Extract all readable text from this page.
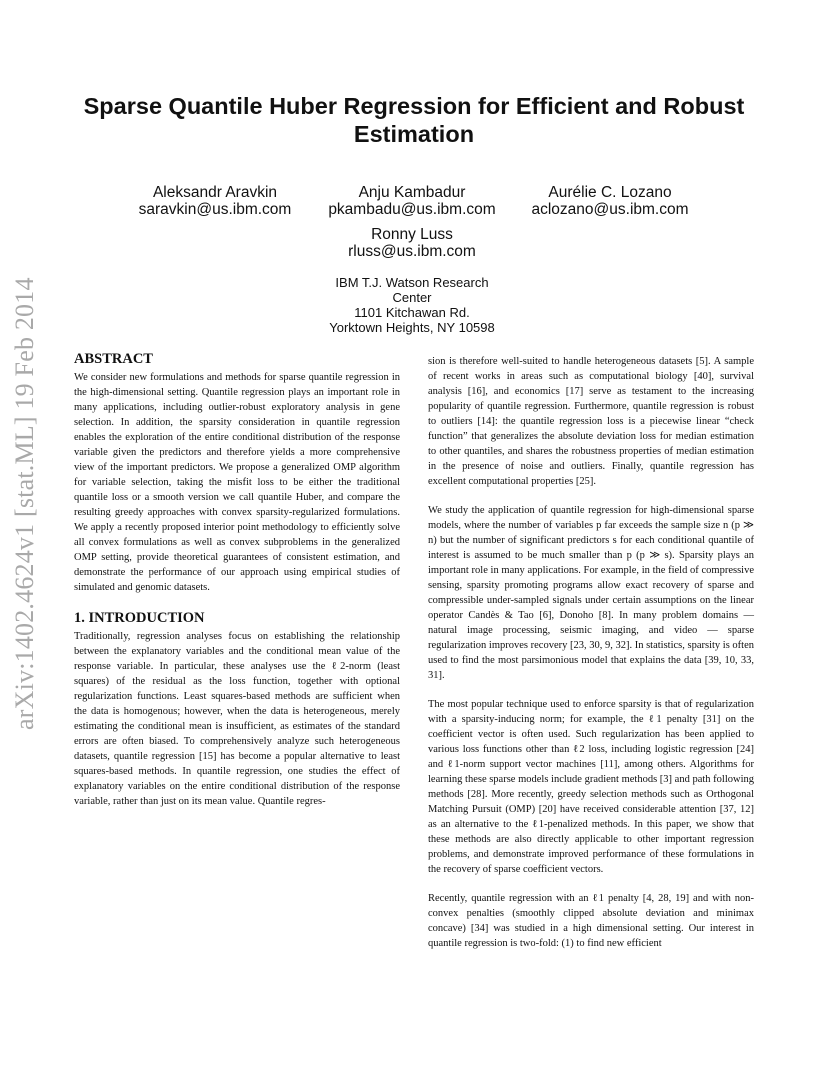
arXiv:1402.4624v1 [stat.ML] 19 Feb 2014
Sparse Quantile Huber Regression for Efficient and Robust Estimation
Aleksandr Aravkin
saravkin@us.ibm.com
Anju Kambadur
pkambadu@us.ibm.com
Aurélie C. Lozano
aclozano@us.ibm.com
Ronny Luss
rluss@us.ibm.com
IBM T.J. Watson Research
Center
1101 Kitchawan Rd.
Yorktown Heights, NY 10598
ABSTRACT

We consider new formulations and methods for sparse quantile regression in the high-dimensional setting. Quantile regression plays an important role in many applications, including outlier-robust exploratory analysis in gene selection. In addition, the sparsity consideration in quantile regression enables the exploration of the entire conditional distribution of the response variable given the predictors and therefore yields a more comprehensive view of the important predictors. We propose a generalized OMP algorithm for variable selection, taking the misfit loss to be either the traditional quantile loss or a smooth version we call quantile Huber, and compare the resulting greedy approaches with convex sparsity-regularized formulations. We apply a recently proposed interior point methodology to efficiently solve all convex formulations as well as convex subproblems in the generalized OMP setting, provide theoretical guarantees of consistent estimation, and demonstrate the performance of our approach using empirical studies of simulated and genomic datasets.

1. INTRODUCTION

Traditionally, regression analyses focus on establishing the relationship between the explanatory variables and the conditional mean value of the response variable. In particular, these analyses use the ℓ2-norm (least squares) of the residual as the loss function, together with optional regularization functions. Least squares-based methods are sufficient when the data is homogenous; however, when the data is heterogeneous, merely estimating the conditional mean is insufficient, as estimates of the standard errors are often biased. To comprehensively analyze such heterogeneous datasets, quantile regression [15] has become a popular alternative to least squares-based methods. In quantile regression, one studies the effect of explanatory variables on the entire conditional distribution of the response variable, rather than just on its mean value. Quantile regres-

sion is therefore well-suited to handle heterogeneous datasets [5]. A sample of recent works in areas such as computational biology [40], survival analysis [16], and economics [17] serve as testament to the increasing popularity of quantile regression. Furthermore, quantile regression is robust to outliers [14]: the quantile regression loss is a piecewise linear “check function” that generalizes the absolute deviation loss for median estimation to other quantiles, and shares the robustness properties of median estimation in the presence of noise and outliers. Finally, quantile regression has excellent computational properties [25].

We study the application of quantile regression for high-dimensional sparse models, where the number of variables p far exceeds the sample size n (p ≫ n) but the number of significant predictors s for each conditional quantile of interest is assumed to be much smaller than p (p ≫ s). Sparsity plays an important role in many applications. For example, in the field of compressive sensing, sparsity promoting programs allow exact recovery of sparse and compressible under-sampled signals under certain assumptions on the linear operator Candès & Tao [6], Donoho [8]. In many problem domains — natural image processing, seismic imaging, and video — sparse regularization improves recovery [23, 30, 9, 32]. In statistics, sparsity is often used to find the most parsimonious model that explains the data [39, 10, 33, 31].

The most popular technique used to enforce sparsity is that of regularization with a sparsity-inducing norm; for example, the ℓ1 penalty [31] on the coefficient vector is often used. Such regularization has been applied to various loss functions other than ℓ2 loss, including logistic regression [24] and ℓ1-norm support vector machines [11], among others. Algorithms for learning these sparse models include gradient methods [3] and path following methods [28]. More recently, greedy selection methods such as Orthogonal Matching Pursuit (OMP) [20] have received considerable attention [37, 12] as an alternative to the ℓ1-penalized methods. In this paper, we show that these methods are also directly applicable to other important regression problems, and demonstrate improved performance of these formulations in the recovery of sparse coefficient vectors.

Recently, quantile regression with an ℓ1 penalty [4, 28, 19] and with non-convex penalties (smoothly clipped absolute deviation and minimax concave) [34] was studied in a high dimensional setting. Our interest in quantile regression is two-fold: (1) to find new efficient
